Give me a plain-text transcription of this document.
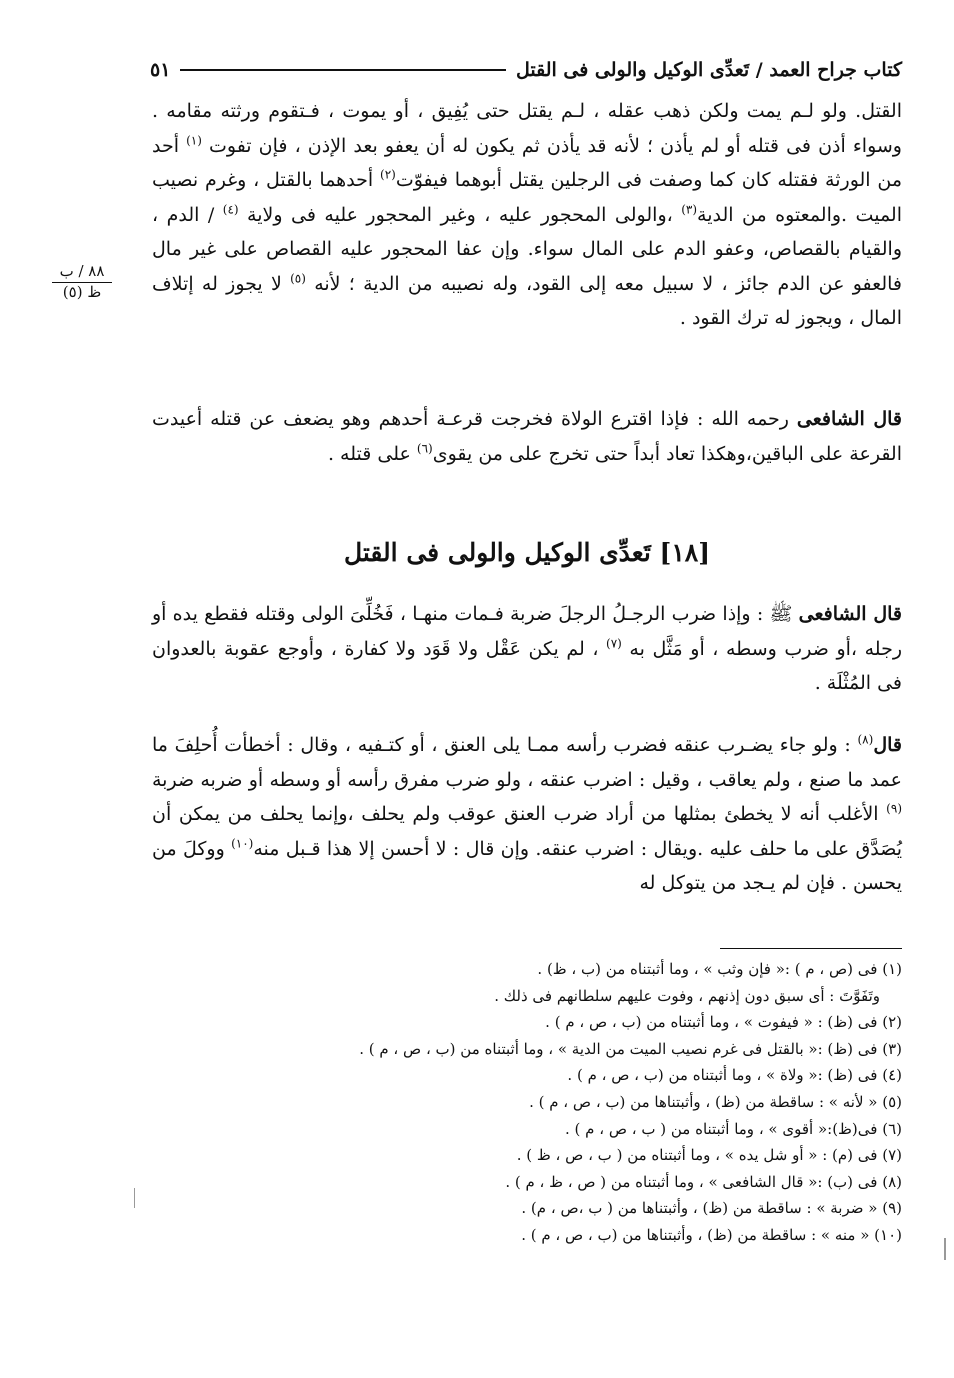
كتاب جراح العمد / تَعدِّى الوكيل والولى فى القتل
٥١
٨٨ / ب
ظ (٥)

القتل. ولو لـم يمت ولكن ذهب عقله ، لـم يقتل حتى يُفِيق ، أو يموت ، فـتقوم ورثته مقامه . وسواء أذن فى قتله أو لم يأذن ؛ لأنه قد يأذن ثم يكون له أن يعفو بعد الإذن ، فإن تفوت $^{(١)}$ أحد من الورثة فقتله كان كما وصفت فى الرجلين يقتل أبوهما فيفوّت$^{(٢)}$ أحدهما بالقتل ، وغرم نصيب الميت .والمعتوه من الدية$^{(٣)}$ ،والولى المحجور عليه ، وغير المحجور عليه فى ولاية $^{(٤)}$ / الدم ، والقيام بالقصاص، وعفو الدم على المال سواء. وإن عفا المحجور عليه القصاص على غير مال فالعفو عن الدم جائز ، لا سبيل معه إلى القود، وله نصيبه من الدية ؛ لأنه $^{(٥)}$ لا يجوز له إتلاف المال ، ويجوز له ترك القود .

قال الشافعى رحمه الله : فإذا اقترع الولاة فخرجت قرعـة أحدهم وهو يضعف عن قتله أعيدت القرعة على الباقين،وهكذا تعاد أبداً حتى تخرج على من يقوى$^{(٦)}$ على قتله .

[١٨] تَعدِّى الوكيل والولى فى القتل

قال الشافعى ﷺ : وإذا ضرب الرجـلُ الرجلَ ضربة فـمات منهـا ، فَخُلِّىَ الولى وقتله فقطع يده أو رجله ،أو ضرب وسطه ، أو مَثَّل به $^{(٧)}$ ، لم يكن عَقْل ولا قَوَد ولا كفارة ، وأوجع عقوبة بالعدوان فى المُثْلَة .

قال$^{(٨)}$ : ولو جاء يضـرب عنقه فضرب رأسه ممـا يلى العنق ، أو كتـفيه ، وقال : أخطأت أُحلِفَ ما عمد ما صنع ، ولم يعاقب ، وقيل : اضرب عنقه ، ولو ضرب مفرق رأسه أو وسطه أو ضربه ضربة $^{(٩)}$ الأغلب أنه لا يخطئ بمثلها من أراد ضرب العنق عوقب ولم يحلف ،وإنما يحلف من يمكن أن يُصَدَّق على ما حلف عليه .ويقال : اضرب عنقه. وإن قال : لا أحسن إلا هذا قـبل منه$^{(١٠)}$ ووكلَ من يحسن . فإن لم يـجد من يتوكل له

(١) فى (ص ، م ) :« فإن وثب » ، وما أثبتناه من (ب ، ظ) .
وتَفَوَّتَ : أى سبق دون إذنهم ، وفوت عليهم سلطانهم فى ذلك .
(٢) فى (ظ) : « فيفوت » ، وما أثبتناه من (ب ، ص ، م ) .
(٣) فى (ظ) :« بالقتل فى غرم نصيب الميت من الدية » ، وما أثبتناه من (ب ، ص ، م ) .
(٤) فى (ظ) :« ولاة » ، وما أثبتناه من (ب ، ص ، م ) .
(٥) « لأنه » : ساقطة من (ظ) ، وأثبتناها من (ب ، ص ، م ) .
(٦) فى(ظ):« أقوى » ، وما أثبتناه من ( ب ، ص ، م ) .
(٧) فى (م) : « أو شل يده » ، وما أثبتناه من ( ب ، ص ، ظ ) .
(٨) فى (ب) :« قال الشافعى » ، وما أثبتناه من ( ص ، ظ ، م ) .
(٩) « ضربة » : ساقطة من (ظ) ، وأثبتناها من ( ب ،ص ، م) .
(١٠) « منه » : ساقطة من (ظ) ، وأثبتناها من (ب ، ص ، م ) .
